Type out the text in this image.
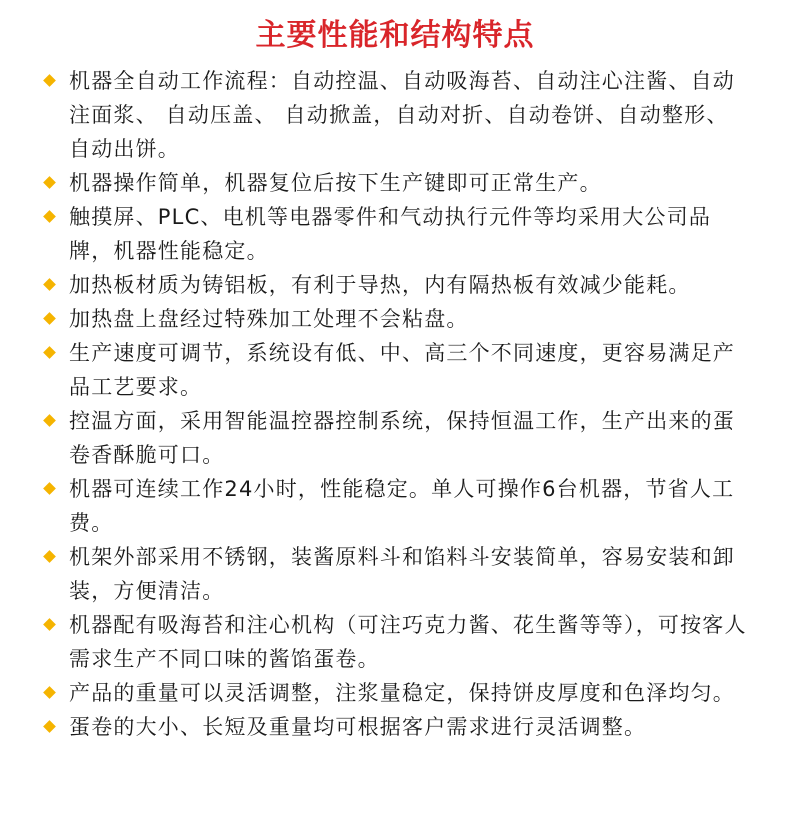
主要性能和结构特点
机器全自动工作流程：自动控温、自动吸海苔、自动注心注酱、自动注面浆、 自动压盖、 自动掀盖，自动对折、自动卷饼、自动整形、自动出饼。
机器操作简单，机器复位后按下生产键即可正常生产。
触摸屏、PLC、电机等电器零件和气动执行元件等均采用大公司品牌，机器性能稳定。
加热板材质为铸铝板，有利于导热，内有隔热板有效减少能耗。
加热盘上盘经过特殊加工处理不会粘盘。
生产速度可调节，系统设有低、中、高三个不同速度，更容易满足产品工艺要求。
控温方面，采用智能温控器控制系统，保持恒温工作，生产出来的蛋卷香酥脆可口。
机器可连续工作24小时，性能稳定。单人可操作6台机器，节省人工费。
机架外部采用不锈钢，装酱原料斗和馅料斗安装简单，容易安装和卸装，方便清洁。
机器配有吸海苔和注心机构（可注巧克力酱、花生酱等等），可按客人需求生产不同口味的酱馅蛋卷。
产品的重量可以灵活调整，注浆量稳定，保持饼皮厚度和色泽均匀。
蛋卷的大小、长短及重量均可根据客户需求进行灵活调整。
